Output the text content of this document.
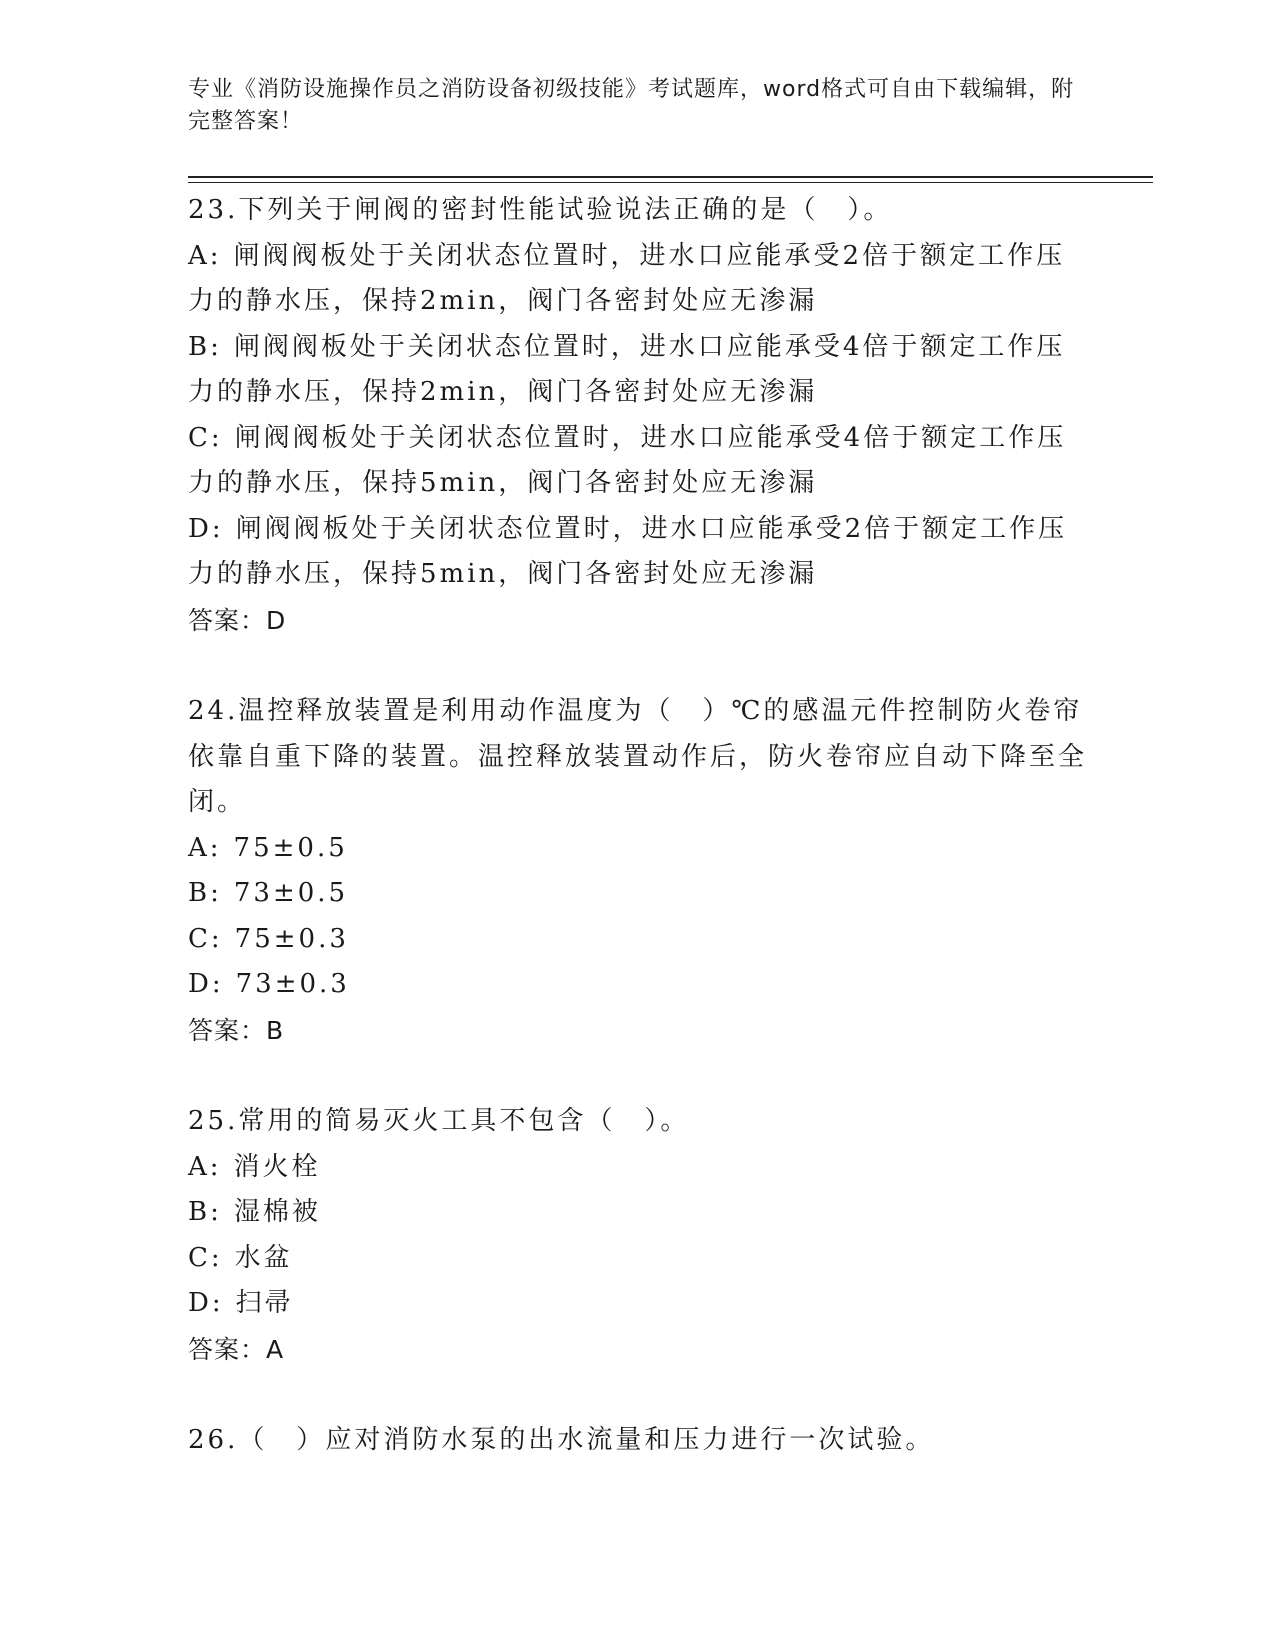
专业《消防设施操作员之消防设备初级技能》考试题库，word格式可自由下载编辑，附完整答案！

23.下列关于闸阀的密封性能试验说法正确的是（　）。

A: 闸阀阀板处于关闭状态位置时，进水口应能承受2倍于额定工作压力的静水压，保持2min，阀门各密封处应无渗漏

B: 闸阀阀板处于关闭状态位置时，进水口应能承受4倍于额定工作压力的静水压，保持2min，阀门各密封处应无渗漏

C: 闸阀阀板处于关闭状态位置时，进水口应能承受4倍于额定工作压力的静水压，保持5min，阀门各密封处应无渗漏

D: 闸阀阀板处于关闭状态位置时，进水口应能承受2倍于额定工作压力的静水压，保持5min，阀门各密封处应无渗漏

答案：D

24.温控释放装置是利用动作温度为（　）℃的感温元件控制防火卷帘依靠自重下降的装置。温控释放装置动作后，防火卷帘应自动下降至全闭。

A: 75±0.5

B: 73±0.5

C: 75±0.3

D: 73±0.3

答案：B

25.常用的简易灭火工具不包含（　）。

A: 消火栓

B: 湿棉被

C: 水盆

D: 扫帚

答案：A

26.（　）应对消防水泵的出水流量和压力进行一次试验。
